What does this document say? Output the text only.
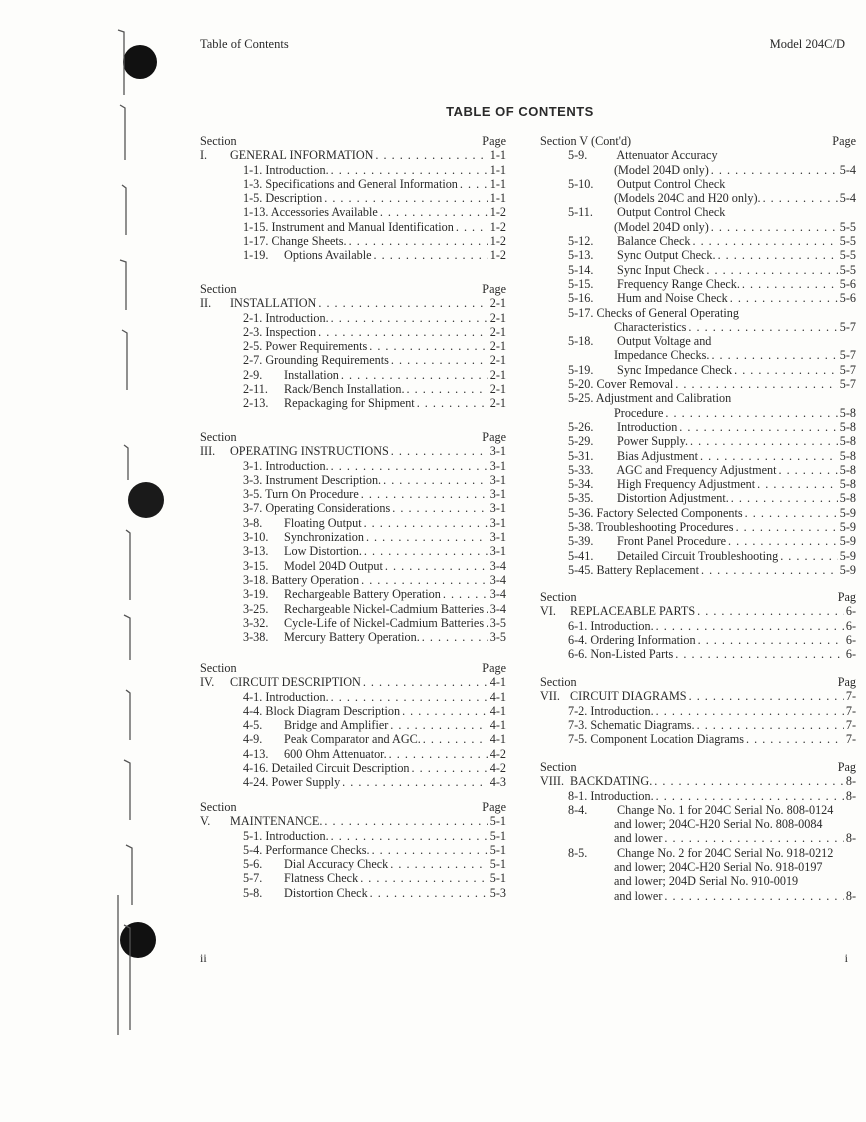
Table of Contents	Model 204C/D
TABLE OF CONTENTS
Section	Page
I. GENERAL INFORMATION . . .	1-1
1-1. Introduction. . . .	1-1
1-3. Specifications and General Information . . .	1-1
1-5. Description . . .	1-1
1-13. Accessories Available . . .	1-2
1-15. Instrument and Manual Identification . . .	1-2
1-17. Change Sheets. . . .	1-2
1-19. Options Available . . .	1-2
Section	Page
II. INSTALLATION . . .	2-1
2-1. Introduction. . . .	2-1
2-3. Inspection . . .	2-1
2-5. Power Requirements . . .	2-1
2-7. Grounding Requirements . . .	2-1
2-9. Installation . . .	2-1
2-11. Rack/Bench Installation. . . .	2-1
2-13. Repackaging for Shipment . . .	2-1
Section	Page
III. OPERATING INSTRUCTIONS . . .	3-1
3-1. Introduction. . . .	3-1
3-3. Instrument Description. . . .	3-1
3-5. Turn On Procedure . . .	3-1
3-7. Operating Considerations . . .	3-1
3-8. Floating Output . . .	3-1
3-10. Synchronization . . .	3-1
3-13. Low Distortion. . . .	3-1
3-15. Model 204D Output . . .	3-4
3-18. Battery Operation . . .	3-4
3-19. Rechargeable Battery Operation . . .	3-4
3-25. Rechargeable Nickel-Cadmium Batteries . . . 3-4
3-32. Cycle-Life of Nickel-Cadmium Batteries . . . 3-5
3-38. Mercury Battery Operation. . . .	3-5
Section	Page
IV. CIRCUIT DESCRIPTION . . .	4-1
4-1. Introduction. . . .	4-1
4-4. Block Diagram Description . . .	4-1
4-5. Bridge and Amplifier . . .	4-1
4-9. Peak Comparator and AGC. . . .	4-1
4-13. 600 Ohm Attenuator. . . .	4-2
4-16. Detailed Circuit Description . . .	4-2
4-24. Power Supply . . .	4-3
Section	Page
V. MAINTENANCE. . . .	5-1
5-1. Introduction. . . .	5-1
5-4. Performance Checks. . . .	5-1
5-6. Dial Accuracy Check . . .	5-1
5-7. Flatness Check . . .	5-1
5-8. Distortion Check . . .	5-3
Section V (Cont'd)	Page
5-9. Attenuator Accuracy
(Model 204D only) . . .	5-4
5-10. Output Control Check
(Models 204C and H20 only). . . .	5-4
5-11. Output Control Check
(Model 204D only) . . .	5-5
5-12. Balance Check . . .	5-5
5-13. Sync Output Check. . . .	5-5
5-14. Sync Input Check . . .	5-5
5-15. Frequency Range Check. . . .	5-6
5-16. Hum and Noise Check . . .	5-6
5-17. Checks of General Operating
Characteristics . . .	5-7
5-18. Output Voltage and
Impedance Checks. . . .	5-7
5-19. Sync Impedance Check . . .	5-7
5-20. Cover Removal . . .	5-7
5-25. Adjustment and Calibration
Procedure . . .	5-8
5-26. Introduction . . .	5-8
5-29. Power Supply. . . .	5-8
5-31. Bias Adjustment . . .	5-8
5-33. AGC and Frequency Adjustment . . .	5-8
5-34. High Frequency Adjustment . . .	5-8
5-35. Distortion Adjustment. . . .	5-8
5-36. Factory Selected Components . . .	5-9
5-38. Troubleshooting Procedures . . .	5-9
5-39. Front Panel Procedure . . .	5-9
5-41. Detailed Circuit Troubleshooting . . .	5-9
5-45. Battery Replacement . . .	5-9
Section	Pag
VI. REPLACEABLE PARTS . . .	6-
6-1. Introduction. . . .	6-
6-4. Ordering Information . . .	6-
6-6. Non-Listed Parts . . .	6-
Section	Pag
VII. CIRCUIT DIAGRAMS . . .	7-
7-2. Introduction. . . .	7-
7-3. Schematic Diagrams. . . .	7-
7-5. Component Location Diagrams . . .	7-
Section	Pag
VIII. BACKDATING. . . .	8-
8-1. Introduction. . . .	8-
8-4. Change No. 1 for 204C Serial No. 808-0124
and lower; 204C-H20 Serial No. 808-0084
and lower . . .	8-
8-5. Change No. 2 for 204C Serial No. 918-0212
and lower; 204C-H20 Serial No. 918-0197
and lower; 204D Serial No. 910-0019
and lower . . .	8-
ii	i
